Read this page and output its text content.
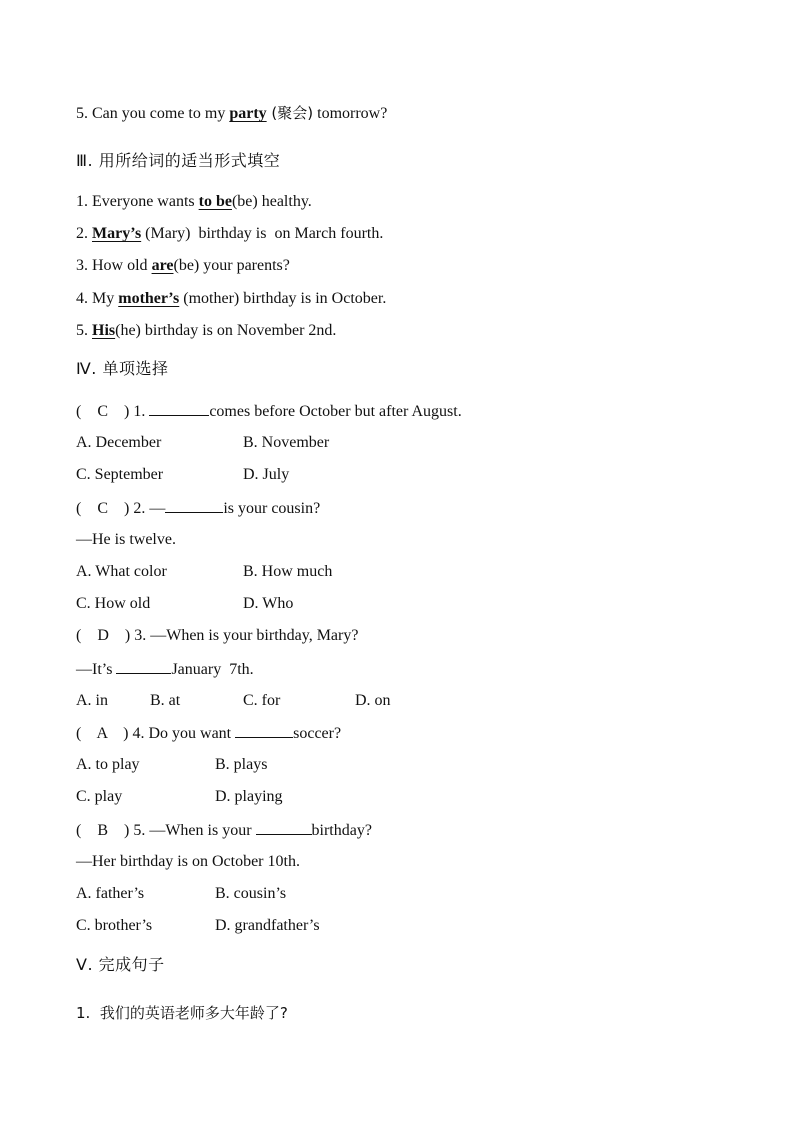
5. Can you come to my party (聚会) tomorrow?
Ⅲ. 用所给词的适当形式填空
1. Everyone wants to be(be) healthy.
2. Mary’s (Mary)  birthday is  on March fourth.
3. How old are(be) your parents?
4. My mother’s (mother) birthday is in October.
5. His(he) birthday is on November 2nd.
Ⅳ. 单项选择
(    C ) 1.	comes before October but after August.
A. December	B. November
C. September	D. July
(    C ) 2. —	is your cousin?
—He is twelve.
A. What color	B. How much
C. How old	D. Who
(    D ) 3. —When is your birthday, Mary?
—It’s	January  7th.
A. in	B. at	C. for	D. on
(    A ) 4. Do you want	soccer?
A. to play	B. plays
C. play	D. playing
(    B ) 5. —When is your	birthday?
—Her birthday is on October 10th.
A. father’s	B. cousin’s
C. brother’s	D. grandfather’s
Ⅴ. 完成句子
1.  我们的英语老师多大年龄了?
